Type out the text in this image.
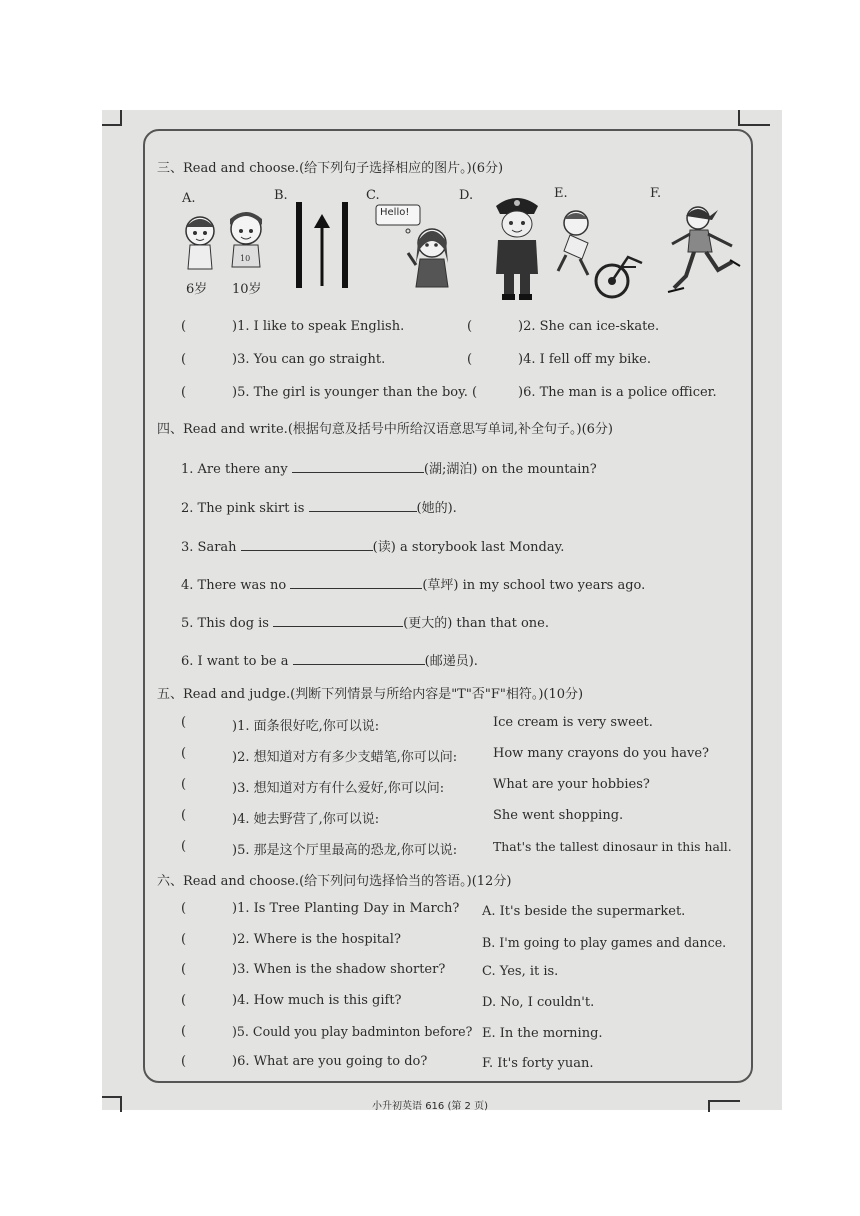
三、Read and choose.(给下列句子选择相应的图片。)(6分)
A.	B.	C.	D.	E.	F.
10
6岁 10岁
Hello!
(	)1. I like to speak English.	(	)2. She can ice-skate.
(	)3. You can go straight.	(	)4. I fell off my bike.
(	)5. The girl is younger than the boy. (	)6. The man is a police officer.
四、Read and write.(根据句意及括号中所给汉语意思写单词,补全句子。)(6分)
1. Are there any	(湖;湖泊) on the mountain?
2. The pink skirt is	(她的).
3. Sarah	(读) a storybook last Monday.
4. There was no	(草坪) in my school two years ago.
5. This dog is	(更大的) than that one.
6. I want to be a	(邮递员).
五、Read and judge.(判断下列情景与所给内容是"T"否"F"相符。)(10分)
(	)1. 面条很好吃,你可以说:	Ice cream is very sweet.
(	)2. 想知道对方有多少支蜡笔,你可以问:	How many crayons do you have?
(	)3. 想知道对方有什么爱好,你可以问:	What are your hobbies?
(	)4. 她去野营了,你可以说:	She went shopping.
(	)5. 那是这个厅里最高的恐龙,你可以说:	That's the tallest dinosaur in this hall.
六、Read and choose.(给下列问句选择恰当的答语。)(12分)
(	)1. Is Tree Planting Day in March? A. It's beside the supermarket.
(	)2. Where is the hospital?	B. I'm going to play games and dance.
(	)3. When is the shadow shorter?	C. Yes, it is.
(	)4. How much is this gift?	D. No, I couldn't.
(	)5. Could you play badminton before? E. In the morning.
(	)6. What are you going to do?	F. It's forty yuan.
小升初英语 616 (第 2 页)
